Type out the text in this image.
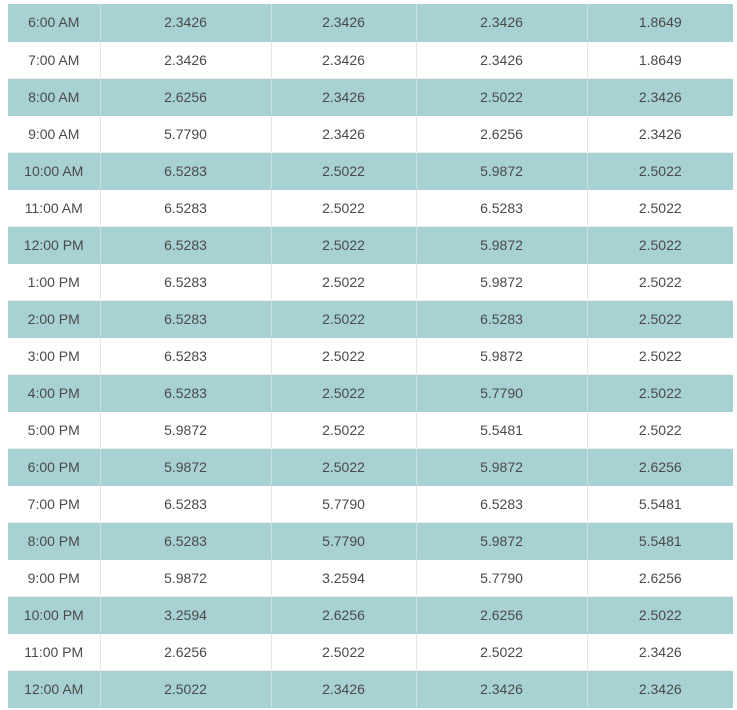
6:00 AM	2.3426	2.3426	2.3426	1.8649
7:00 AM	2.3426	2.3426	2.3426	1.8649
8:00 AM	2.6256	2.3426	2.5022	2.3426
9:00 AM	5.7790	2.3426	2.6256	2.3426
10:00 AM	6.5283	2.5022	5.9872	2.5022
11:00 AM	6.5283	2.5022	6.5283	2.5022
12:00 PM	6.5283	2.5022	5.9872	2.5022
1:00 PM	6.5283	2.5022	5.9872	2.5022
2:00 PM	6.5283	2.5022	6.5283	2.5022
3:00 PM	6.5283	2.5022	5.9872	2.5022
4:00 PM	6.5283	2.5022	5.7790	2.5022
5:00 PM	5.9872	2.5022	5.5481	2.5022
6:00 PM	5.9872	2.5022	5.9872	2.6256
7:00 PM	6.5283	5.7790	6.5283	5.5481
8:00 PM	6.5283	5.7790	5.9872	5.5481
9:00 PM	5.9872	3.2594	5.7790	2.6256
10:00 PM	3.2594	2.6256	2.6256	2.5022
11:00 PM	2.6256	2.5022	2.5022	2.3426
12:00 AM	2.5022	2.3426	2.3426	2.3426
